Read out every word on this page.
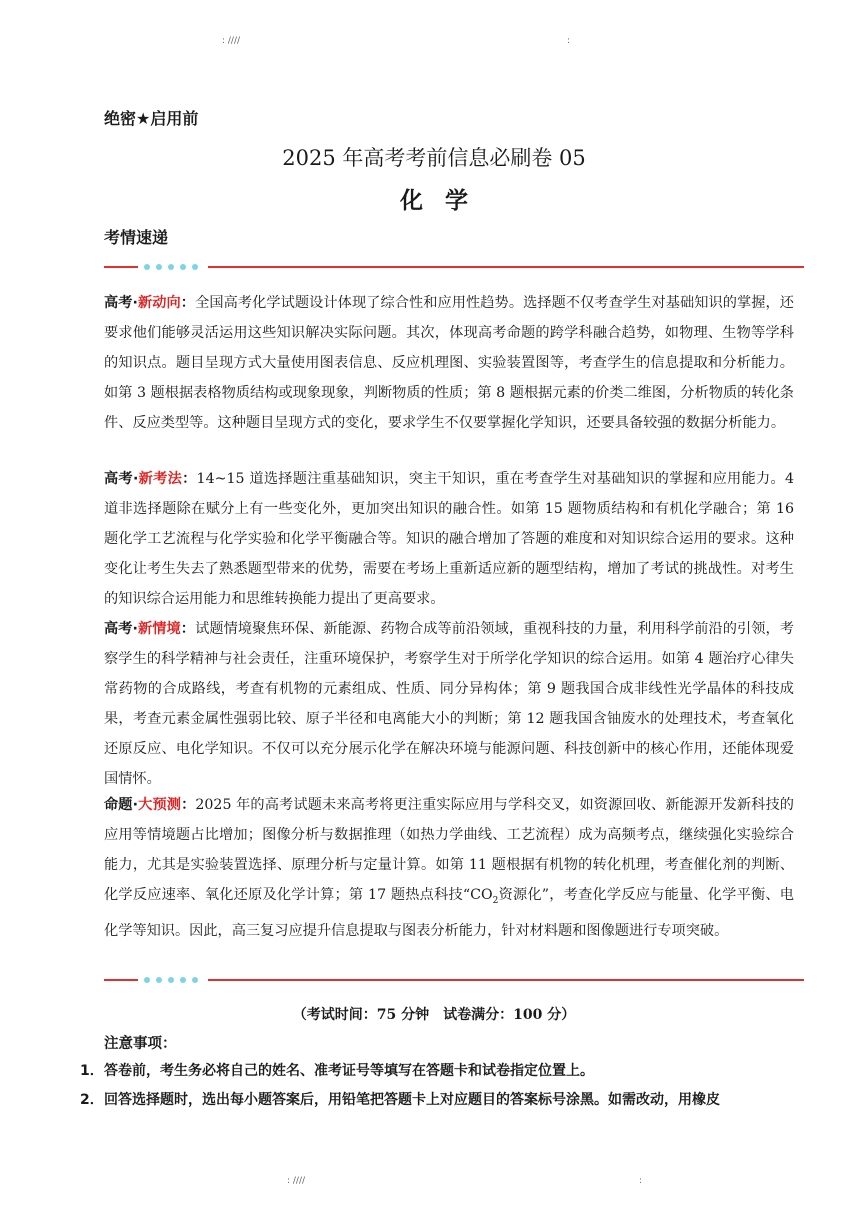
: ////	:
绝密★启用前
2025 年高考考前信息必刷卷 05
化学
考情速递
高考·新动向：全国高考化学试题设计体现了综合性和应用性趋势。选择题不仅考查学生对基础知识的掌握，还要求他们能够灵活运用这些知识解决实际问题。其次，体现高考命题的跨学科融合趋势，如物理、生物等学科的知识点。题目呈现方式大量使用图表信息、反应机理图、实验装置图等，考查学生的信息提取和分析能力。如第 3 题根据表格物质结构或现象现象，判断物质的性质；第 8 题根据元素的价类二维图，分析物质的转化条件、反应类型等。这种题目呈现方式的变化，要求学生不仅要掌握化学知识，还要具备较强的数据分析能力。
高考·新考法：14~15 道选择题注重基础知识，突主干知识，重在考查学生对基础知识的掌握和应用能力。4 道非选择题除在赋分上有一些变化外，更加突出知识的融合性。如第 15 题物质结构和有机化学融合；第 16 题化学工艺流程与化学实验和化学平衡融合等。知识的融合增加了答题的难度和对知识综合运用的要求。这种变化让考生失去了熟悉题型带来的优势，需要在考场上重新适应新的题型结构，增加了考试的挑战性。对考生的知识综合运用能力和思维转换能力提出了更高要求。
高考·新情境：试题情境聚焦环保、新能源、药物合成等前沿领域，重视科技的力量，利用科学前沿的引领，考察学生的科学精神与社会责任，注重环境保护，考察学生对于所学化学知识的综合运用。如第 4 题治疗心律失常药物的合成路线，考查有机物的元素组成、性质、同分异构体；第 9 题我国合成非线性光学晶体的科技成果，考查元素金属性强弱比较、原子半径和电离能大小的判断；第 12 题我国含铀废水的处理技术，考查氧化还原反应、电化学知识。不仅可以充分展示化学在解决环境与能源问题、科技创新中的核心作用，还能体现爱国情怀。
命题·大预测：2025 年的高考试题未来高考将更注重实际应用与学科交叉，如资源回收、新能源开发新科技的应用等情境题占比增加；图像分析与数据推理（如热力学曲线、工艺流程）成为高频考点，继续强化实验综合能力，尤其是实验装置选择、原理分析与定量计算。如第 11 题根据有机物的转化机理，考查催化剂的判断、化学反应速率、氧化还原及化学计算；第 17 题热点科技“$CO_2$资源化”，考查化学反应与能量、化学平衡、电化学等知识。因此，高三复习应提升信息提取与图表分析能力，针对材料题和图像题进行专项突破。
（考试时间：75 分钟　试卷满分：100 分）
注意事项：
1． 答卷前，考生务必将自己的姓名、准考证号等填写在答题卡和试卷指定位置上。
2． 回答选择题时，选出每小题答案后，用铅笔把答题卡上对应题目的答案标号涂黑。如需改动，用橡皮
: ////	:
